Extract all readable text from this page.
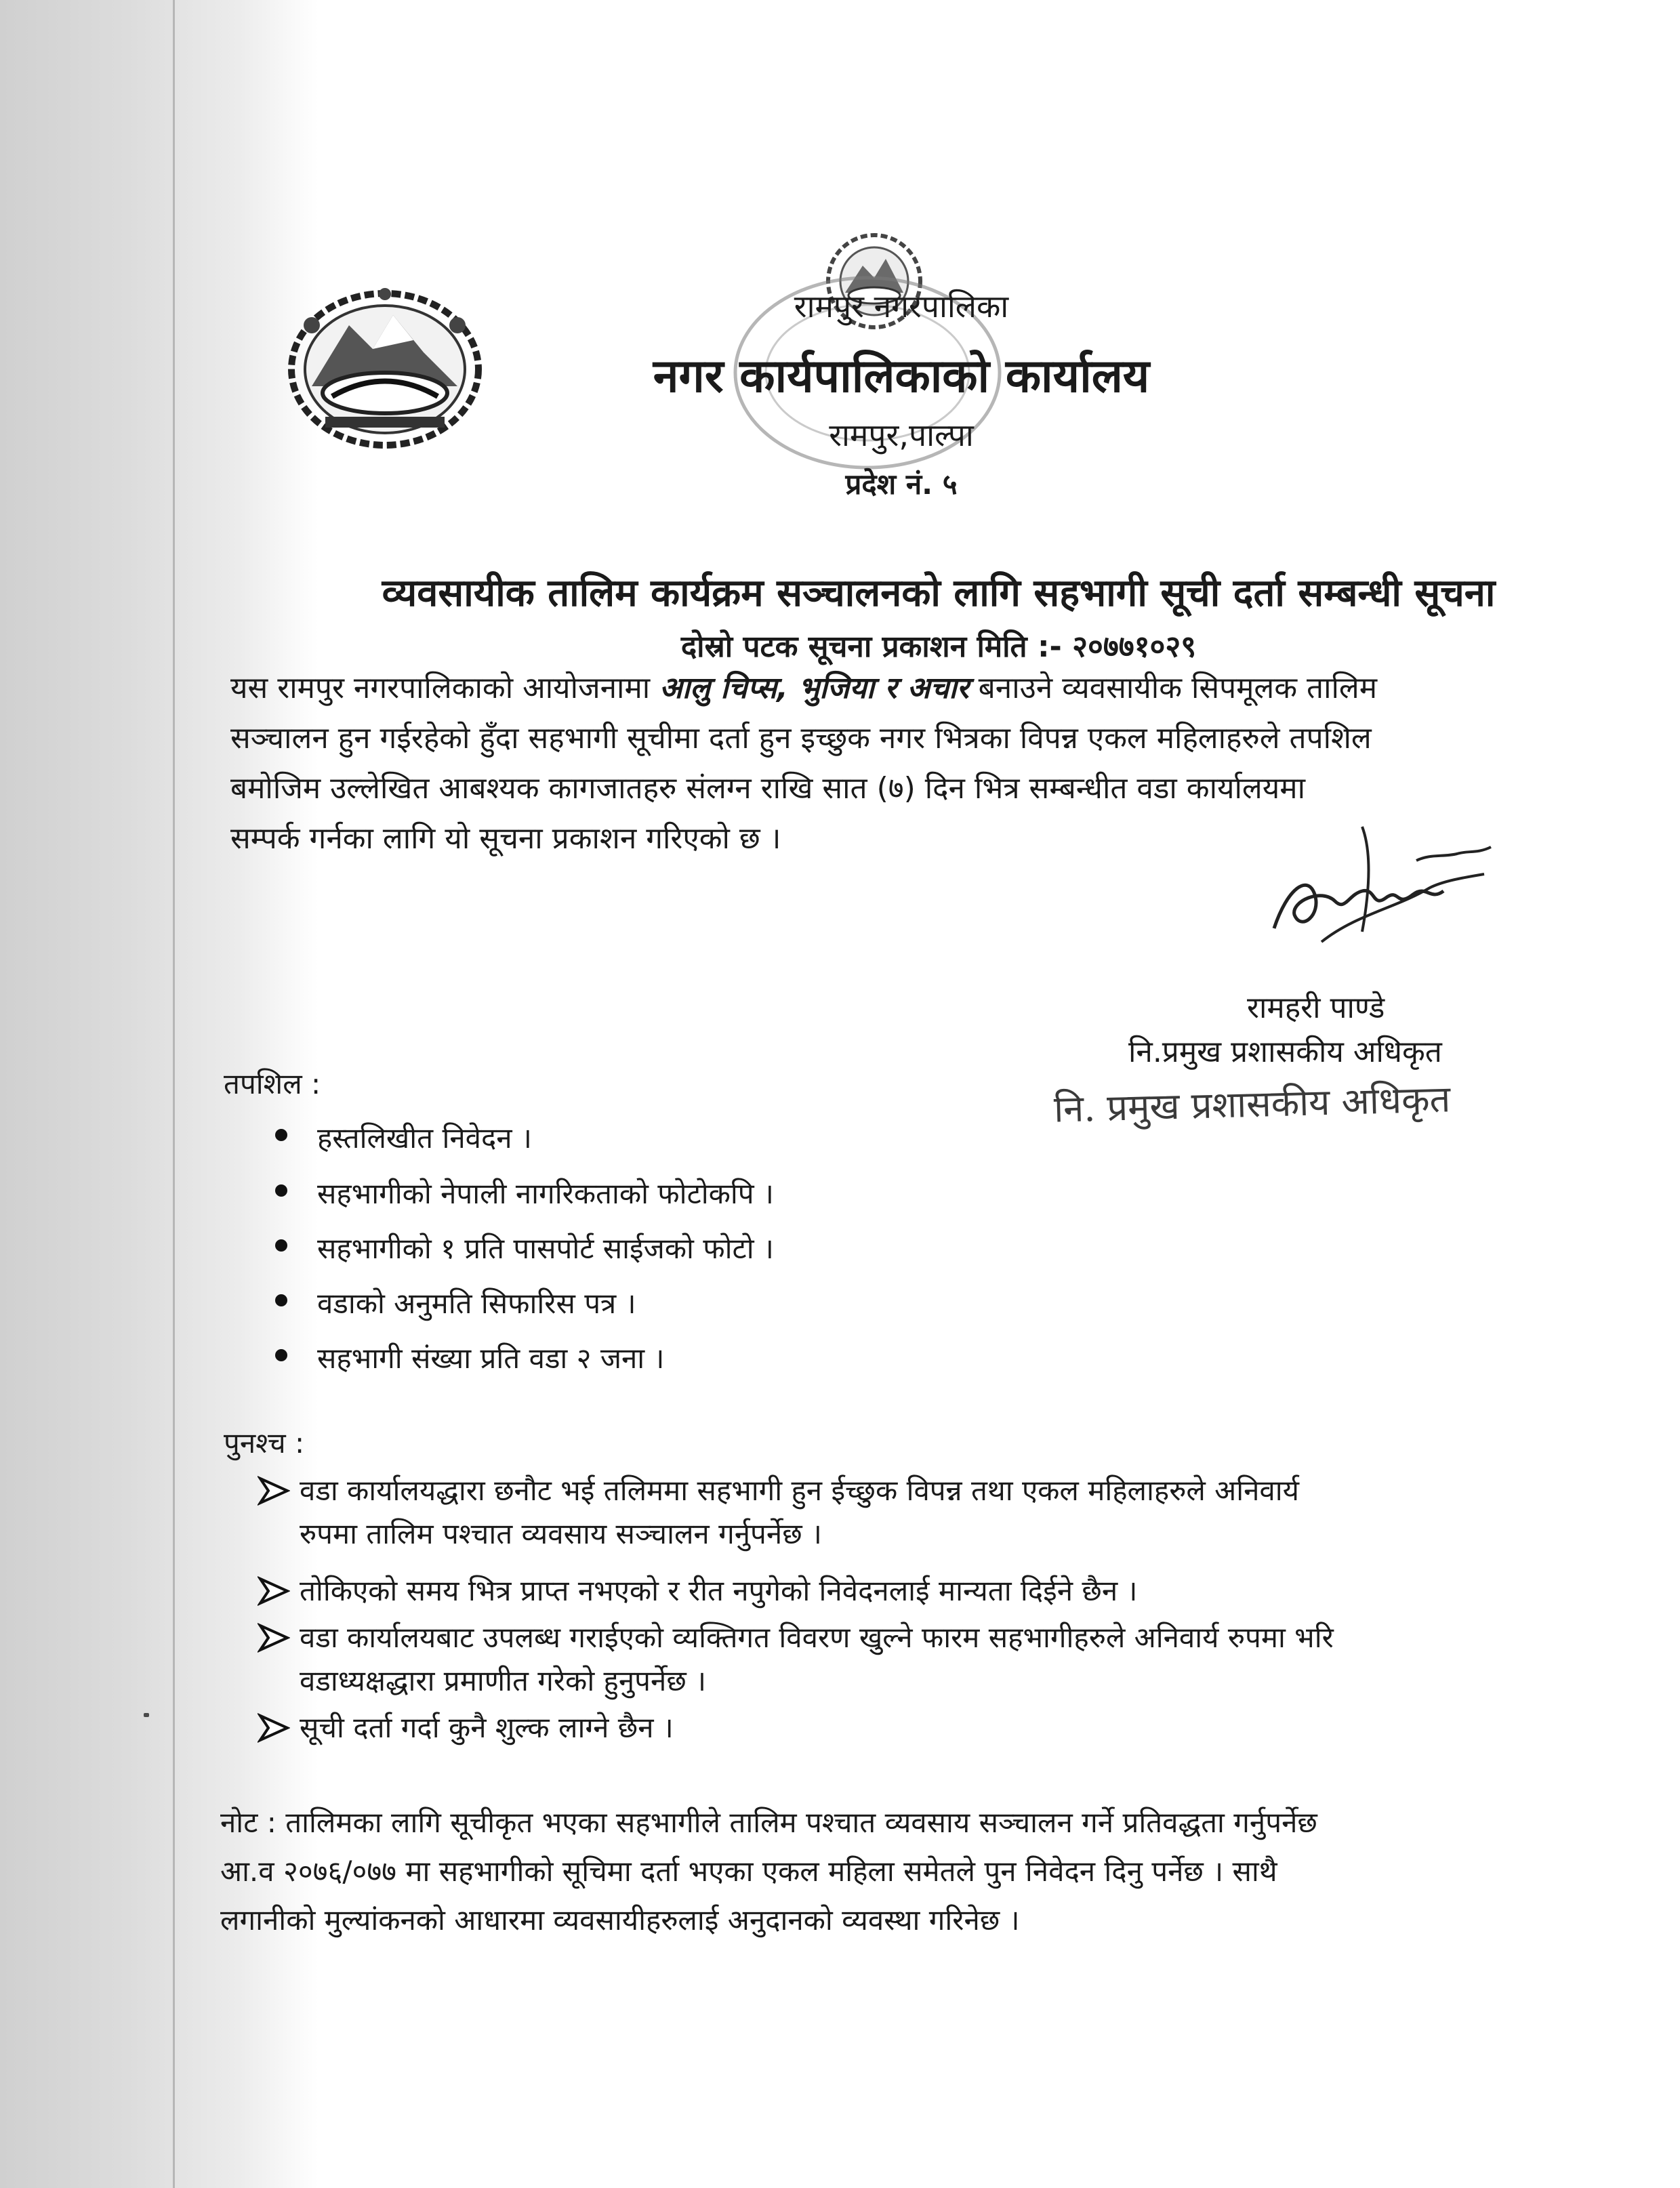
रामपुर नगरपालिका
नगर कार्यपालिकाको कार्यालय
रामपुर,पाल्पा
प्रदेश नं. ५
व्यवसायीक तालिम कार्यक्रम सञ्चालनको लागि सहभागी सूची दर्ता सम्बन्धी सूचना
दोस्रो पटक सूचना प्रकाशन मिति :- २०७७१०२९
यस रामपुर नगरपालिकाको आयोजनामा आलु चिप्स, भुजिया र अचार बनाउने व्यवसायीक सिपमूलक तालिम
सञ्चालन हुन गईरहेको हुँदा सहभागी सूचीमा दर्ता हुन इच्छुक नगर भित्रका विपन्न एकल महिलाहरुले तपशिल
बमोजिम उल्लेखित आबश्यक कागजातहरु संलग्न राखि सात (७) दिन भित्र सम्बन्धीत वडा कार्यालयमा
सम्पर्क गर्नका लागि यो सूचना प्रकाशन गरिएको छ ।
रामहरी पाण्डे
नि.प्रमुख प्रशासकीय अधिकृत
नि. प्रमुख प्रशासकीय अधिकृत
तपशिल :
हस्तलिखीत निवेदन ।
सहभागीको नेपाली नागरिकताको फोटोकपि ।
सहभागीको १ प्रति पासपोर्ट साईजको फोटो ।
वडाको अनुमति सिफारिस पत्र ।
सहभागी संख्या प्रति वडा २ जना ।
पुनश्च :
वडा कार्यालयद्धारा छनौट भई तलिममा सहभागी हुन ईच्छुक विपन्न तथा एकल महिलाहरुले अनिवार्य
रुपमा तालिम पश्चात व्यवसाय सञ्चालन गर्नुपर्नेछ ।
तोकिएको समय भित्र प्राप्त नभएको र रीत नपुगेको निवेदनलाई मान्यता दिईने छैन ।
वडा कार्यालयबाट उपलब्ध गराईएको व्यक्तिगत विवरण खुल्ने फारम सहभागीहरुले अनिवार्य रुपमा भरि
वडाध्यक्षद्धारा प्रमाणीत गरेको हुनुपर्नेछ ।
सूची दर्ता गर्दा कुनै शुल्क लाग्ने छैन ।
नोट : तालिमका लागि सूचीकृत भएका सहभागीले तालिम पश्चात व्यवसाय सञ्चालन गर्ने प्रतिवद्धता गर्नुपर्नेछ
आ.व २०७६/०७७ मा सहभागीको सूचिमा दर्ता भएका एकल महिला समेतले पुन निवेदन दिनु पर्नेछ । साथै
लगानीको मुल्यांकनको आधारमा व्यवसायीहरुलाई अनुदानको व्यवस्था गरिनेछ ।
